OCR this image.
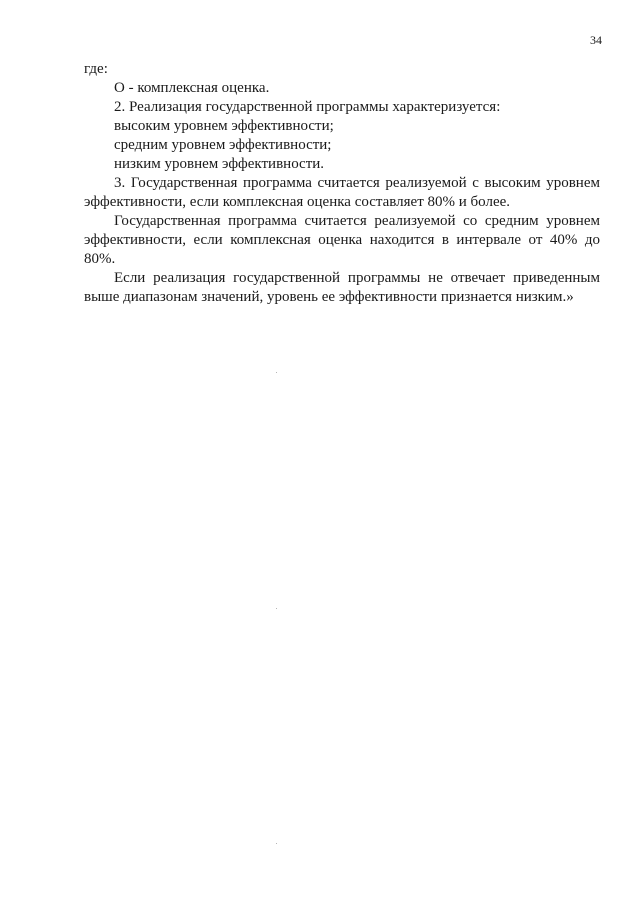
34

где:

О - комплексная оценка.

2. Реализация государственной программы характеризуется:

высоким уровнем эффективности;

средним уровнем эффективности;

низким уровнем эффективности.

3. Государственная программа считается реализуемой с высоким уровнем эффективности, если комплексная оценка составляет 80% и более.

Государственная программа считается реализуемой со средним уровнем эффективности, если комплексная оценка находится в интервале от 40% до 80%.

Если реализация государственной программы не отвечает приведенным выше диапазонам значений, уровень ее эффективности признается низким.»
